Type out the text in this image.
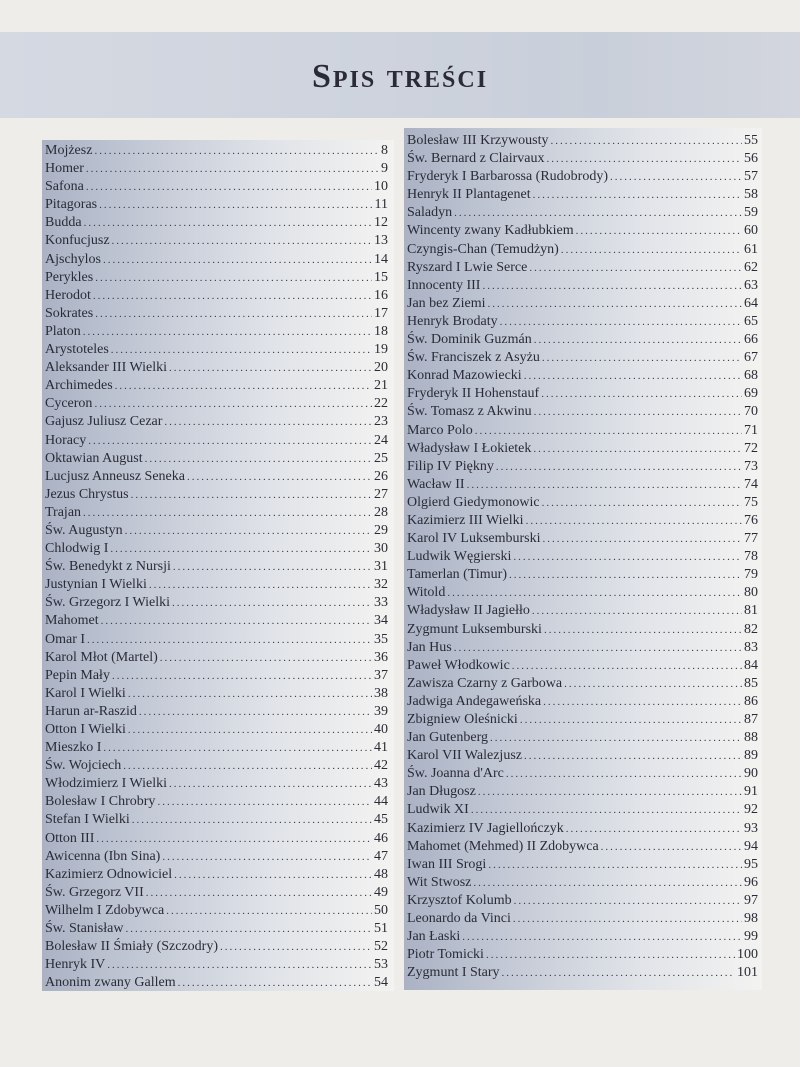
Spis treści
Mojżesz .....	8
Homer .....	9
Safona .....	10
Pitagoras .....	11
Budda .....	12
Konfucjusz .....	13
Ajschylos .....	14
Perykles .....	15
Herodot .....	16
Sokrates .....	17
Platon .....	18
Arystoteles .....	19
Aleksander III Wielki .....	20
Archimedes .....	21
Cyceron .....	22
Gajusz Juliusz Cezar .....	23
Horacy .....	24
Oktawian August .....	25
Lucjusz Anneusz Seneka .....	26
Jezus Chrystus .....	27
Trajan .....	28
Św. Augustyn .....	29
Chlodwig I .....	30
Św. Benedykt z Nursji .....	31
Justynian I Wielki .....	32
Św. Grzegorz I Wielki .....	33
Mahomet .....	34
Omar I .....	35
Karol Młot (Martel) .....	36
Pepin Mały .....	37
Karol I Wielki .....	38
Harun ar-Raszid .....	39
Otton I Wielki .....	40
Mieszko I .....	41
Św. Wojciech .....	42
Włodzimierz I Wielki .....	43
Bolesław I Chrobry .....	44
Stefan I Wielki .....	45
Otton III .....	46
Awicenna (Ibn Sina) .....	47
Kazimierz Odnowiciel .....	48
Św. Grzegorz VII .....	49
Wilhelm I Zdobywca .....	50
Św. Stanisław .....	51
Bolesław II Śmiały (Szczodry) .....	52
Henryk IV .....	53
Anonim zwany Gallem .....	54
Bolesław III Krzywousty .....	55
Św. Bernard z Clairvaux .....	56
Fryderyk I Barbarossa (Rudobrody) .....	57
Henryk II Plantagenet .....	58
Saladyn .....	59
Wincenty zwany Kadłubkiem .....	60
Czyngis-Chan (Temudżyn) .....	61
Ryszard I Lwie Serce .....	62
Innocenty III .....	63
Jan bez Ziemi .....	64
Henryk Brodaty .....	65
Św. Dominik Guzmán .....	66
Św. Franciszek z Asyżu .....	67
Konrad Mazowiecki .....	68
Fryderyk II Hohenstauf .....	69
Św. Tomasz z Akwinu .....	70
Marco Polo .....	71
Władysław I Łokietek .....	72
Filip IV Piękny .....	73
Wacław II .....	74
Olgierd Giedymonowic .....	75
Kazimierz III Wielki .....	76
Karol IV Luksemburski .....	77
Ludwik Węgierski .....	78
Tamerlan (Timur) .....	79
Witold .....	80
Władysław II Jagiełło .....	81
Zygmunt Luksemburski .....	82
Jan Hus .....	83
Paweł Włodkowic .....	84
Zawisza Czarny z Garbowa .....	85
Jadwiga Andegaweńska .....	86
Zbigniew Oleśnicki .....	87
Jan Gutenberg .....	88
Karol VII Walezjusz .....	89
Św. Joanna d'Arc .....	90
Jan Długosz .....	91
Ludwik XI .....	92
Kazimierz IV Jagiellończyk .....	93
Mahomet (Mehmed) II Zdobywca .....	94
Iwan III Srogi .....	95
Wit Stwosz .....	96
Krzysztof Kolumb .....	97
Leonardo da Vinci .....	98
Jan Łaski .....	99
Piotr Tomicki .....	100
Zygmunt I Stary .....	101
